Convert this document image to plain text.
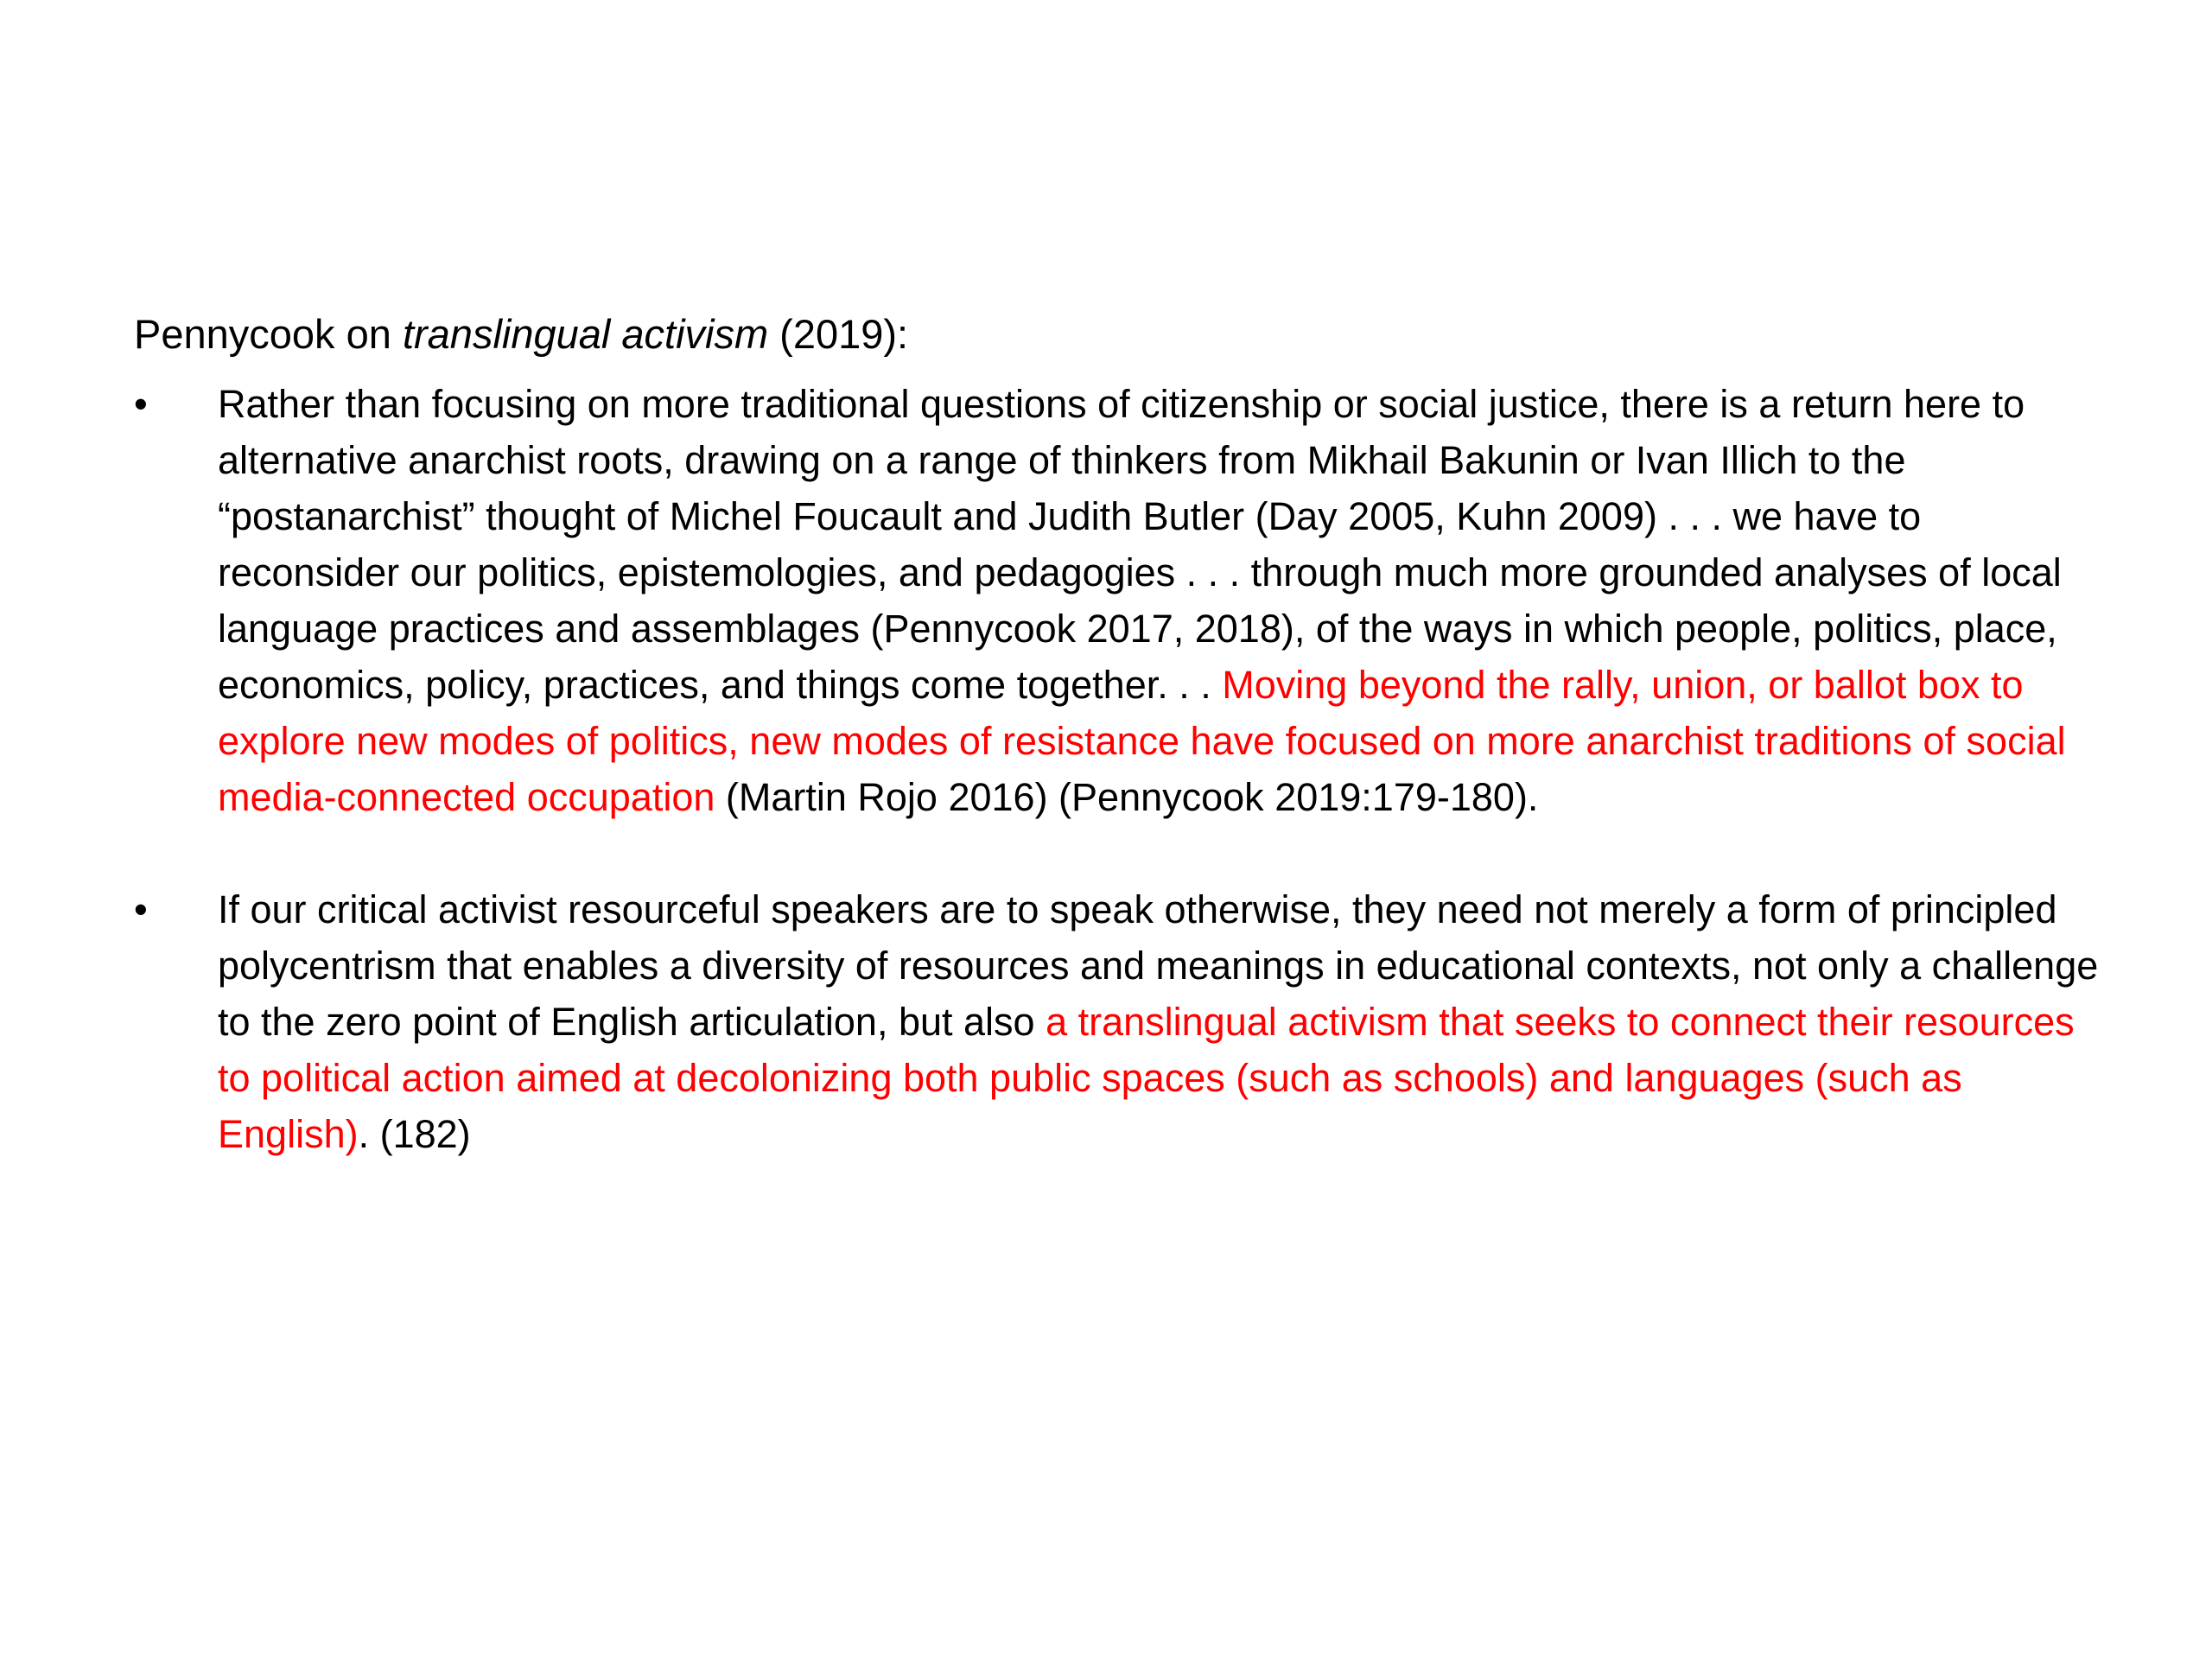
Pennycook on translingual activism (2019):
•	Rather than focusing on more traditional questions of citizenship or social justice, there is a return here to alternative anarchist roots, drawing on a range of thinkers from Mikhail Bakunin or Ivan Illich to the “postanarchist” thought of Michel Foucault and Judith Butler (Day 2005, Kuhn 2009) . . . we have to reconsider our politics, epistemologies, and pedagogies . . . through much more grounded analyses of local language practices and assemblages (Pennycook 2017, 2018), of the ways in which people, politics, place, economics, policy, practices, and things come together. . . Moving beyond the rally, union, or ballot box to explore new modes of politics, new modes of resistance have focused on more anarchist traditions of social media-connected occupation (Martin Rojo 2016) (Pennycook 2019:179-180).
•	If our critical activist resourceful speakers are to speak otherwise, they need not merely a form of principled polycentrism that enables a diversity of resources and meanings in educational contexts, not only a challenge to the zero point of English articulation, but also a translingual activism that seeks to connect their resources to political action aimed at decolonizing both public spaces (such as schools) and languages (such as English). (182)
